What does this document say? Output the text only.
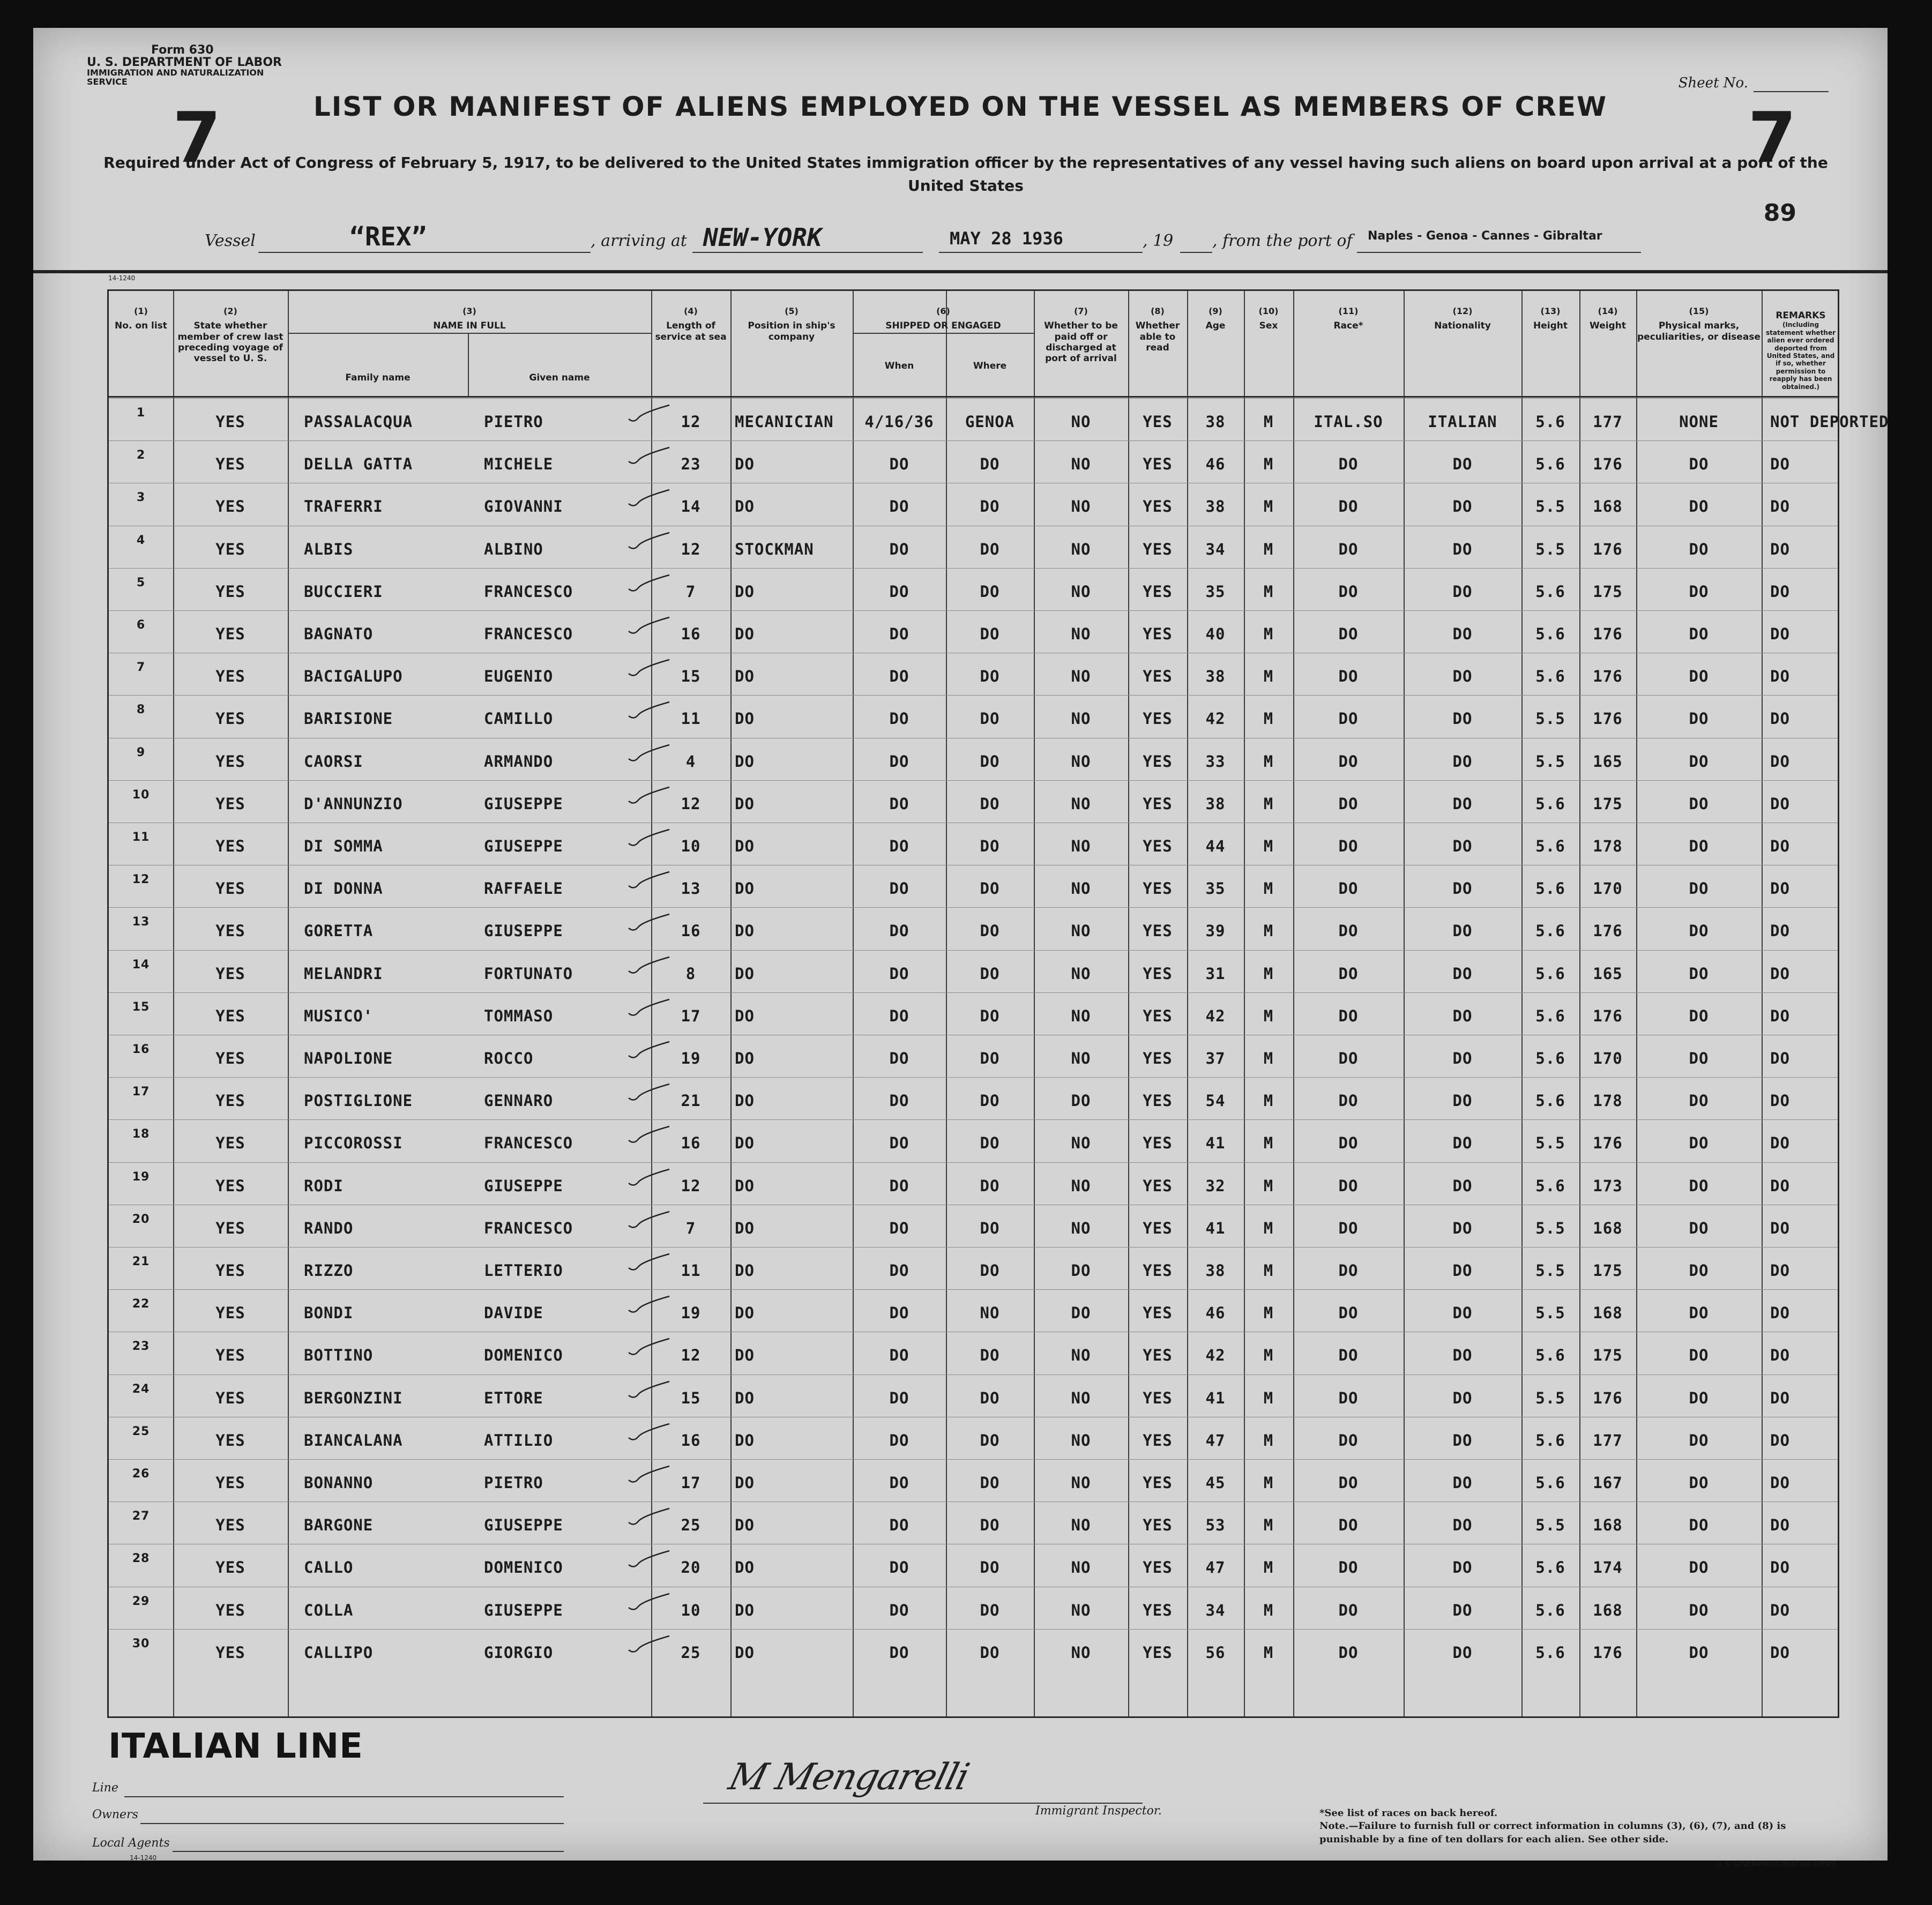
Form 630
U. S. DEPARTMENT OF LABOR
IMMIGRATION AND NATURALIZATION SERVICE
7	7
Sheet No.
LIST OR MANIFEST OF ALIENS EMPLOYED ON THE VESSEL AS MEMBERS OF CREW
Required under Act of Congress of February 5, 1917, to be delivered to the United States immigration officer by the representatives of any vessel having such aliens on board upon arrival at a port of the United States
89
Vessel	“REX”	, arriving at NEW-YORK	MAY 28 1936	, 19 , from the port of Naples - Genoa - Cannes - Gibraltar
14-1240
(1)
No. on list
(2)
State whether member of crew last preceding voyage of vessel to U. S.
(3)
NAME IN FULL
Family name	Given name
(4)
Length of service at sea
(5)
Position in ship's company
(6)
SHIPPED OR ENGAGED
When	Where
(7)
Whether to be paid off or discharged at port of arrival
(8)
Whether able to read
(9)
Age
(10)
Sex
(11)
Race*
(12)
Nationality
(13)
Height
(14)
Weight
(15)
Physical marks, peculiarities, or disease
REMARKS
(Including statement whether alien ever ordered deported from United States, and if so, whether permission to reapply has been obtained.)
1	YES	PASSALACQUA	PIETRO	12	MECANICIAN	4/16/36	GENOA	NO	YES	38	M	ITAL.SO	ITALIAN	5.6	177	NONE	NOT DEPORTED
2	YES	DELLA GATTA	MICHELE	23	DO	DO	DO	NO	YES	46	M	DO	DO	5.6	176	DO	DO
3	YES	TRAFERRI	GIOVANNI	14	DO	DO	DO	NO	YES	38	M	DO	DO	5.5	168	DO	DO
4	YES	ALBIS	ALBINO	12	STOCKMAN	DO	DO	NO	YES	34	M	DO	DO	5.5	176	DO	DO
5	YES	BUCCIERI	FRANCESCO	7	DO	DO	DO	NO	YES	35	M	DO	DO	5.6	175	DO	DO
6	YES	BAGNATO	FRANCESCO	16	DO	DO	DO	NO	YES	40	M	DO	DO	5.6	176	DO	DO
7	YES	BACIGALUPO	EUGENIO	15	DO	DO	DO	NO	YES	38	M	DO	DO	5.6	176	DO	DO
8	YES	BARISIONE	CAMILLO	11	DO	DO	DO	NO	YES	42	M	DO	DO	5.5	176	DO	DO
9	YES	CAORSI	ARMANDO	4	DO	DO	DO	NO	YES	33	M	DO	DO	5.5	165	DO	DO
10	YES	D'ANNUNZIO	GIUSEPPE	12	DO	DO	DO	NO	YES	38	M	DO	DO	5.6	175	DO	DO
11	YES	DI SOMMA	GIUSEPPE	10	DO	DO	DO	NO	YES	44	M	DO	DO	5.6	178	DO	DO
12	YES	DI DONNA	RAFFAELE	13	DO	DO	DO	NO	YES	35	M	DO	DO	5.6	170	DO	DO
13	YES	GORETTA	GIUSEPPE	16	DO	DO	DO	NO	YES	39	M	DO	DO	5.6	176	DO	DO
14	YES	MELANDRI	FORTUNATO	8	DO	DO	DO	NO	YES	31	M	DO	DO	5.6	165	DO	DO
15	YES	MUSICO'	TOMMASO	17	DO	DO	DO	NO	YES	42	M	DO	DO	5.6	176	DO	DO
16	YES	NAPOLIONE	ROCCO	19	DO	DO	DO	NO	YES	37	M	DO	DO	5.6	170	DO	DO
17	YES	POSTIGLIONE	GENNARO	21	DO	DO	DO	DO	YES	54	M	DO	DO	5.6	178	DO	DO
18	YES	PICCOROSSI	FRANCESCO	16	DO	DO	DO	NO	YES	41	M	DO	DO	5.5	176	DO	DO
19	YES	RODI	GIUSEPPE	12	DO	DO	DO	NO	YES	32	M	DO	DO	5.6	173	DO	DO
20	YES	RANDO	FRANCESCO	7	DO	DO	DO	NO	YES	41	M	DO	DO	5.5	168	DO	DO
21	YES	RIZZO	LETTERIO	11	DO	DO	DO	DO	YES	38	M	DO	DO	5.5	175	DO	DO
22	YES	BONDI	DAVIDE	19	DO	DO	NO	DO	YES	46	M	DO	DO	5.5	168	DO	DO
23	YES	BOTTINO	DOMENICO	12	DO	DO	DO	NO	YES	42	M	DO	DO	5.6	175	DO	DO
24	YES	BERGONZINI	ETTORE	15	DO	DO	DO	NO	YES	41	M	DO	DO	5.5	176	DO	DO
25	YES	BIANCALANA	ATTILIO	16	DO	DO	DO	NO	YES	47	M	DO	DO	5.6	177	DO	DO
26	YES	BONANNO	PIETRO	17	DO	DO	DO	NO	YES	45	M	DO	DO	5.6	167	DO	DO
27	YES	BARGONE	GIUSEPPE	25	DO	DO	DO	NO	YES	53	M	DO	DO	5.5	168	DO	DO
28	YES	CALLO	DOMENICO	20	DO	DO	DO	NO	YES	47	M	DO	DO	5.6	174	DO	DO
29	YES	COLLA	GIUSEPPE	10	DO	DO	DO	NO	YES	34	M	DO	DO	5.6	168	DO	DO
30	YES	CALLIPO	GIORGIO	25	DO	DO	DO	NO	YES	56	M	DO	DO	5.6	176	DO	DO
ITALIAN LINE
Line
Owners
Local Agents
14-1240
M Mengarelli
Immigrant Inspector.	*See list of races on back hereof.
Note.—Failure to furnish full or correct information in columns (3), (6), (7), and (8) is punishable by a fine of ten dollars for each alien. See other side.
U. S. GOVERNMENT PRINTING OFFICE
